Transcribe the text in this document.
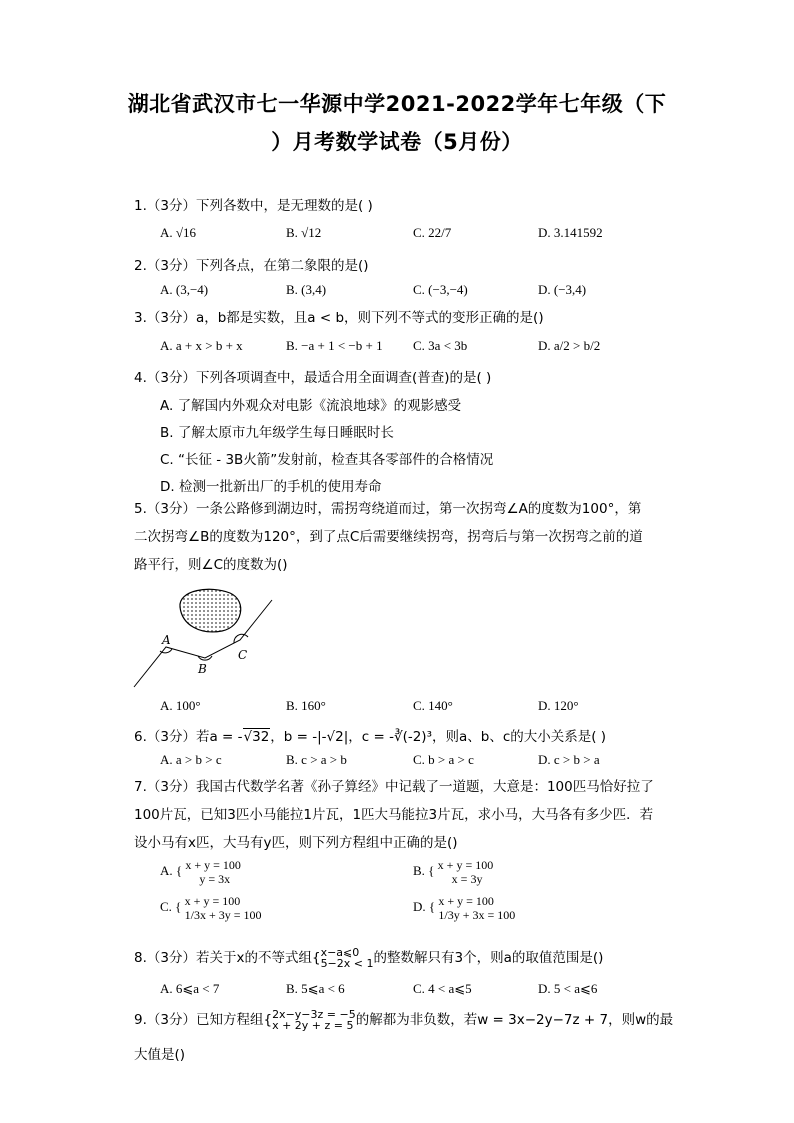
湖北省武汉市七一华源中学2021-2022学年七年级（下
）月考数学试卷（5月份）
1.（3分）下列各数中，是无理数的是( )
A. √16	B. √12	C. 22/7	D. 3.141592
2.（3分）下列各点，在第二象限的是()
A. (3,−4)	B. (3,4)	C. (−3,−4)	D. (−3,4)
3.（3分）a，b都是实数，且a < b，则下列不等式的变形正确的是()
A. a + x > b + x	B. −a + 1 < −b + 1 C. 3a < 3b	D. a/2 > b/2
4.（3分）下列各项调查中，最适合用全面调查(普查)的是( )
A. 了解国内外观众对电影《流浪地球》的观影感受
B. 了解太原市九年级学生每日睡眠时长
C. “长征 - 3B火箭”发射前，检查其各零部件的合格情况
D. 检测一批新出厂的手机的使用寿命
5.（3分）一条公路修到湖边时，需拐弯绕道而过，第一次拐弯∠A的度数为100°，第二次拐弯∠B的度数为120°，到了点C后需要继续拐弯，拐弯后与第一次拐弯之前的道路平行，则∠C的度数为()
A
B
C
A. 100°	B. 160°	C. 140°	D. 120°
6.（3分）若a = -√32，b = -|-√2|，c = -∛(-2)³，则a、b、c的大小关系是( )
A. a > b > c	B. c > a > b	C. b > a > c	D. c > b > a
7.（3分）我国古代数学名著《孙子算经》中记载了一道题，大意是：100匹马恰好拉了100片瓦，已知3匹小马能拉1片瓦，1匹大马能拉3片瓦，求小马，大马各有多少匹．若设小马有x匹，大马有y匹，则下列方程组中正确的是()
A. { x + y = 100
y = 3x
B. { x + y = 100
x = 3y
C. { x + y = 100
1/3x + 3y = 100
D. { x + y = 100
1/3y + 3x = 100
8.（3分）若关于x的不等式组{ x−a⩽0
5−2x < 1 的整数解只有3个，则a的取值范围是()
A. 6⩽a < 7	B. 5⩽a < 6	C. 4 < a⩽5	D. 5 < a⩽6
9.（3分）已知方程组{ 2x−y−3z = −5
x + 2y + z = 5 的解都为非负数，若w = 3x−2y−7z + 7，则w的最
大值是()
